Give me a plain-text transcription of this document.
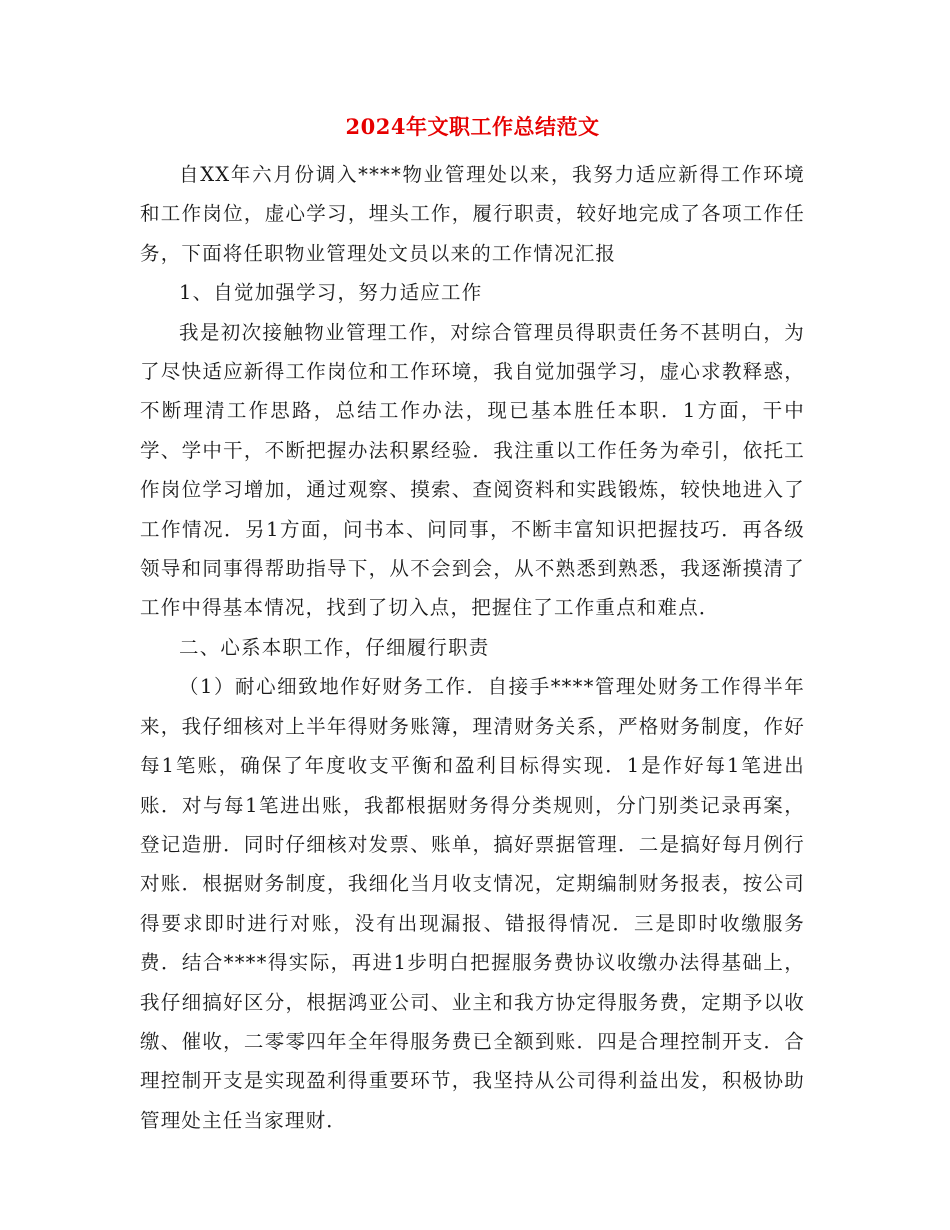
2024年文职工作总结范文

自XX年六月份调入****物业管理处以来，我努力适应新得工作环境和工作岗位，虚心学习，埋头工作，履行职责，较好地完成了各项工作任务，下面将任职物业管理处文员以来的工作情况汇报

1、自觉加强学习，努力适应工作

我是初次接触物业管理工作，对综合管理员得职责任务不甚明白，为了尽快适应新得工作岗位和工作环境，我自觉加强学习，虚心求教释惑，不断理清工作思路，总结工作办法，现已基本胜任本职．1方面，干中学、学中干，不断把握办法积累经验．我注重以工作任务为牵引，依托工作岗位学习增加，通过观察、摸索、查阅资料和实践锻炼，较快地进入了工作情况．另1方面，问书本、问同事，不断丰富知识把握技巧．再各级领导和同事得帮助指导下，从不会到会，从不熟悉到熟悉，我逐渐摸清了工作中得基本情况，找到了切入点，把握住了工作重点和难点．

二、心系本职工作，仔细履行职责

（1）耐心细致地作好财务工作．自接手****管理处财务工作得半年来，我仔细核对上半年得财务账簿，理清财务关系，严格财务制度，作好每1笔账，确保了年度收支平衡和盈利目标得实现．1是作好每1笔进出账．对与每1笔进出账，我都根据财务得分类规则，分门别类记录再案，登记造册．同时仔细核对发票、账单，搞好票据管理．二是搞好每月例行对账．根据财务制度，我细化当月收支情况，定期编制财务报表，按公司得要求即时进行对账，没有出现漏报、错报得情况．三是即时收缴服务费．结合****得实际，再进1步明白把握服务费协议收缴办法得基础上，我仔细搞好区分，根据鸿亚公司、业主和我方协定得服务费，定期予以收缴、催收，二零零四年全年得服务费已全额到账．四是合理控制开支．合理控制开支是实现盈利得重要环节，我坚持从公司得利益出发，积极协助管理处主任当家理财．
